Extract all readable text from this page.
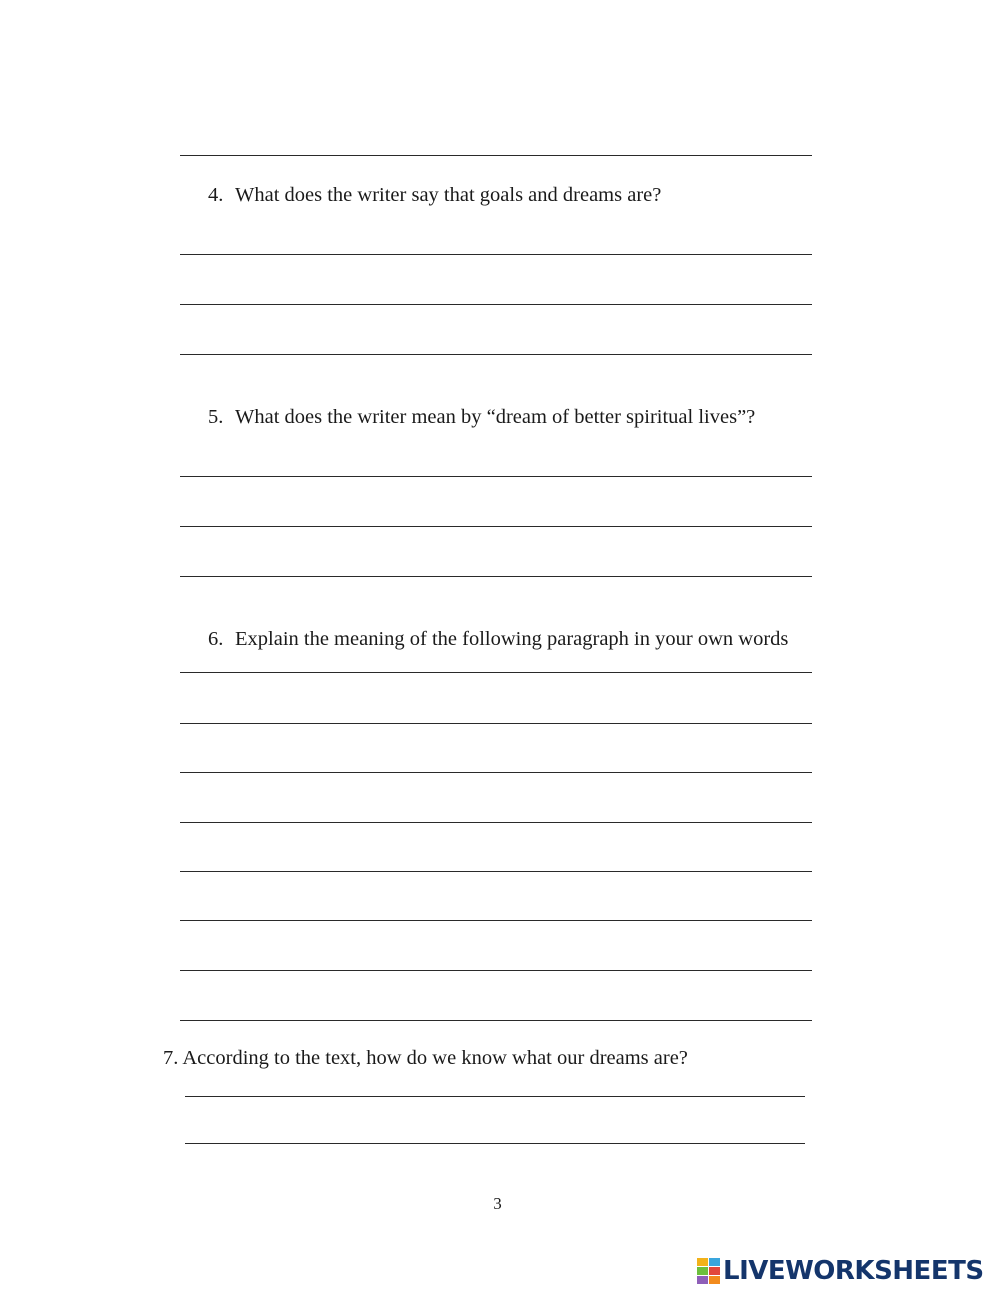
4. What does the writer say that goals and dreams are?
5. What does the writer mean by “dream of better spiritual lives”?
6. Explain the meaning of the following paragraph in your own words
7. According to the text, how do we know what our dreams are?
3
LIVEWORKSHEETS
